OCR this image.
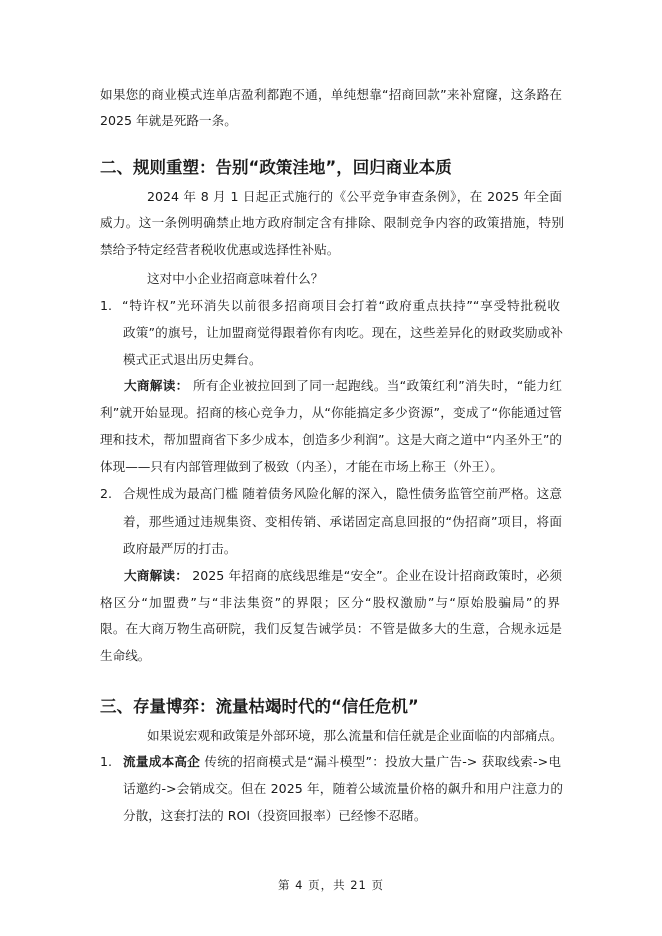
如果您的商业模式连单店盈利都跑不通，单纯想靠“招商回款”来补窟窿，这条路在
2025 年就是死路一条。
二、规则重塑：告别“政策洼地”，回归商业本质
2024 年 8 月 1 日起正式施行的《公平竞争审查条例》，在 2025 年全面
威力。这一条例明确禁止地方政府制定含有排除、限制竞争内容的政策措施，特别
禁给予特定经营者税收优惠或选择性补贴。
这对中小企业招商意味着什么？
1. “特许权”光环消失以前很多招商项目会打着“政府重点扶持”“享受特批税收
政策”的旗号，让加盟商觉得跟着你有肉吃。现在，这些差异化的财政奖励或补
模式正式退出历史舞台。
大商解读： 所有企业被拉回到了同一起跑线。当“政策红利”消失时，“能力红
利”就开始显现。招商的核心竞争力，从“你能搞定多少资源”，变成了“你能通过管
理和技术，帮加盟商省下多少成本，创造多少利润”。这是大商之道中“内圣外王”的
体现——只有内部管理做到了极致（内圣），才能在市场上称王（外王）。
2. 合规性成为最高门槛 随着债务风险化解的深入，隐性债务监管空前严格。这意
着，那些通过违规集资、变相传销、承诺固定高息回报的“伪招商”项目，将面
政府最严厉的打击。
大商解读： 2025 年招商的底线思维是“安全”。企业在设计招商政策时，必须
格区分“加盟费”与“非法集资”的界限；区分“股权激励”与“原始股骗局”的界
限。在大商万物生高研院，我们反复告诫学员：不管是做多大的生意，合规永远是
生命线。
三、存量博弈：流量枯竭时代的“信任危机”
如果说宏观和政策是外部环境，那么流量和信任就是企业面临的内部痛点。
1. 流量成本高企 传统的招商模式是“漏斗模型”：投放大量广告-> 获取线索->电
话邀约->会销成交。但在 2025 年，随着公域流量价格的飙升和用户注意力的
分散，这套打法的 ROI（投资回报率）已经惨不忍睹。
第 4 页，共 21 页
